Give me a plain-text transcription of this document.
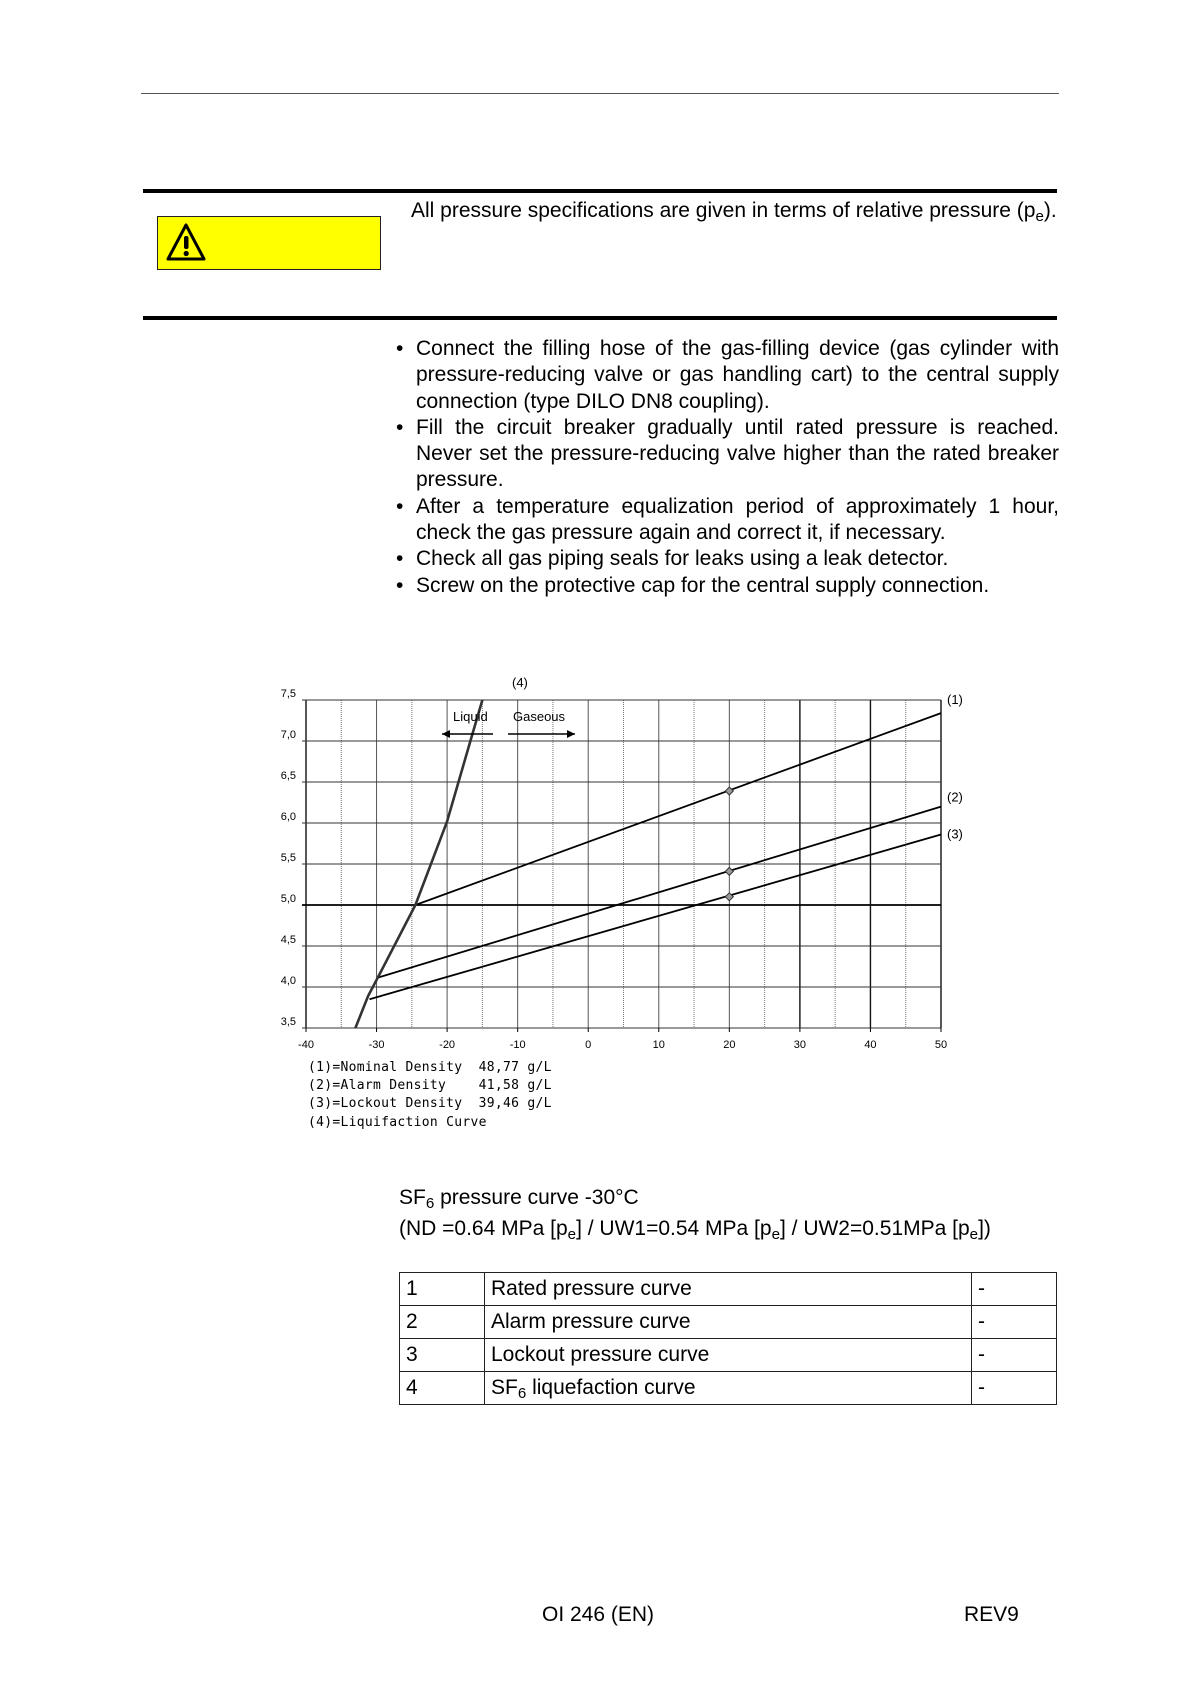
All pressure specifications are given in terms of relative pressure $(p_e)$.
• Connect the filling hose of the gas-filling device (gas cylinder with pressure-reducing valve or gas handling cart) to the central supply connection (type DILO DN8 coupling).
• Fill the circuit breaker gradually until rated pressure is reached. Never set the pressure-reducing valve higher than the rated breaker pressure.
• After a temperature equalization period of approximately 1 hour, check the gas pressure again and correct it, if necessary.
• Check all gas piping seals for leaks using a leak detector.
• Screw on the protective cap for the central supply connection.
-40	-30	-20	-10	0	10	20	30	40	50
3,5
4,0
4,5
5,0
5,5
6,0
6,5
7,0
7,5
(4)
Liquid Gaseous
(1)
(2)
(3)
(1)=Nominal Density  48,77 g/L
(2)=Alarm Density    41,58 g/L
(3)=Lockout Density  39,46 g/L
(4)=Liquifaction Curve
$SF_6$ pressure curve -30°C
(ND =0.64 MPa $[p_e] / UW1=0.54$ MPa $[p_e] / UW2=0.51MPa$ $[p_e]$)
1	Rated pressure curve	-
2	Alarm pressure curve	-
3	Lockout pressure curve	-
4	$SF_6$ liquefaction curve	-
OI 246 (EN)	REV9
